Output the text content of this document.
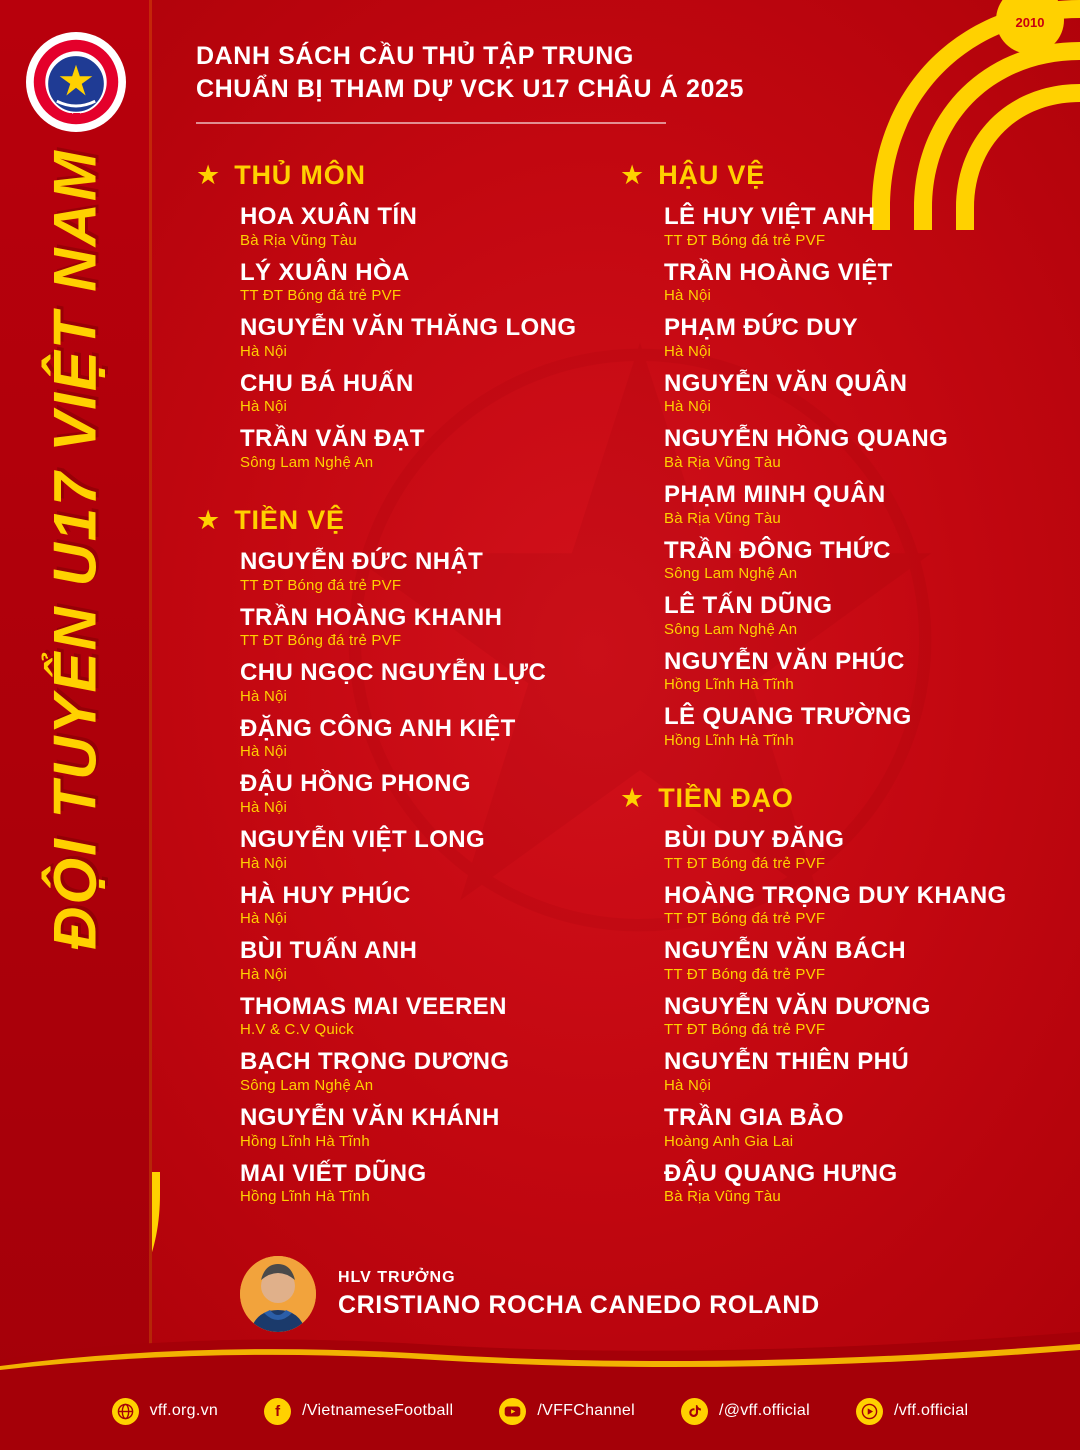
2010
ĐỘI TUYỂN U17 VIỆT NAM
VFF
DANH SÁCH CẦU THỦ TẬP TRUNG
CHUẨN BỊ THAM DỰ VCK U17 CHÂU Á 2025
★ THỦ MÔN
HOA XUÂN TÍN
Bà Rịa Vũng Tàu
LÝ XUÂN HÒA
TT ĐT Bóng đá trẻ PVF
NGUYỄN VĂN THĂNG LONG
Hà Nội
CHU BÁ HUẤN
Hà Nội
TRẦN VĂN ĐẠT
Sông Lam Nghệ An
★ TIỀN VỆ
NGUYỄN ĐỨC NHẬT
TT ĐT Bóng đá trẻ PVF
TRẦN HOÀNG KHANH
TT ĐT Bóng đá trẻ PVF
CHU NGỌC NGUYỄN LỰC
Hà Nội
ĐẶNG CÔNG ANH KIỆT
Hà Nội
ĐẬU HỒNG PHONG
Hà Nội
NGUYỄN VIỆT LONG
Hà Nội
HÀ HUY PHÚC
Hà Nội
BÙI TUẤN ANH
Hà Nội
THOMAS MAI VEEREN
H.V & C.V Quick
BẠCH TRỌNG DƯƠNG
Sông Lam Nghệ An
NGUYỄN VĂN KHÁNH
Hồng Lĩnh Hà Tĩnh
MAI VIẾT DŨNG
Hồng Lĩnh Hà Tĩnh
★ HẬU VỆ
LÊ HUY VIỆT ANH
TT ĐT Bóng đá trẻ PVF
TRẦN HOÀNG VIỆT
Hà Nội
PHẠM ĐỨC DUY
Hà Nội
NGUYỄN VĂN QUÂN
Hà Nội
NGUYỄN HỒNG QUANG
Bà Rịa Vũng Tàu
PHẠM MINH QUÂN
Bà Rịa Vũng Tàu
TRẦN ĐÔNG THỨC
Sông Lam Nghệ An
LÊ TẤN DŨNG
Sông Lam Nghệ An
NGUYỄN VĂN PHÚC
Hồng Lĩnh Hà Tĩnh
LÊ QUANG TRƯỜNG
Hồng Lĩnh Hà Tĩnh
★ TIỀN ĐẠO
BÙI DUY ĐĂNG
TT ĐT Bóng đá trẻ PVF
HOÀNG TRỌNG DUY KHANG
TT ĐT Bóng đá trẻ PVF
NGUYỄN VĂN BÁCH
TT ĐT Bóng đá trẻ PVF
NGUYỄN VĂN DƯƠNG
TT ĐT Bóng đá trẻ PVF
NGUYỄN THIÊN PHÚ
Hà Nội
TRẦN GIA BẢO
Hoàng Anh Gia Lai
ĐẬU QUANG HƯNG
Bà Rịa Vũng Tàu
HLV TRƯỞNG
CRISTIANO ROCHA CANEDO ROLAND
vff.org.vn	f	/VietnameseFootball	/VFFChannel	/@vff.official	/vff.official
